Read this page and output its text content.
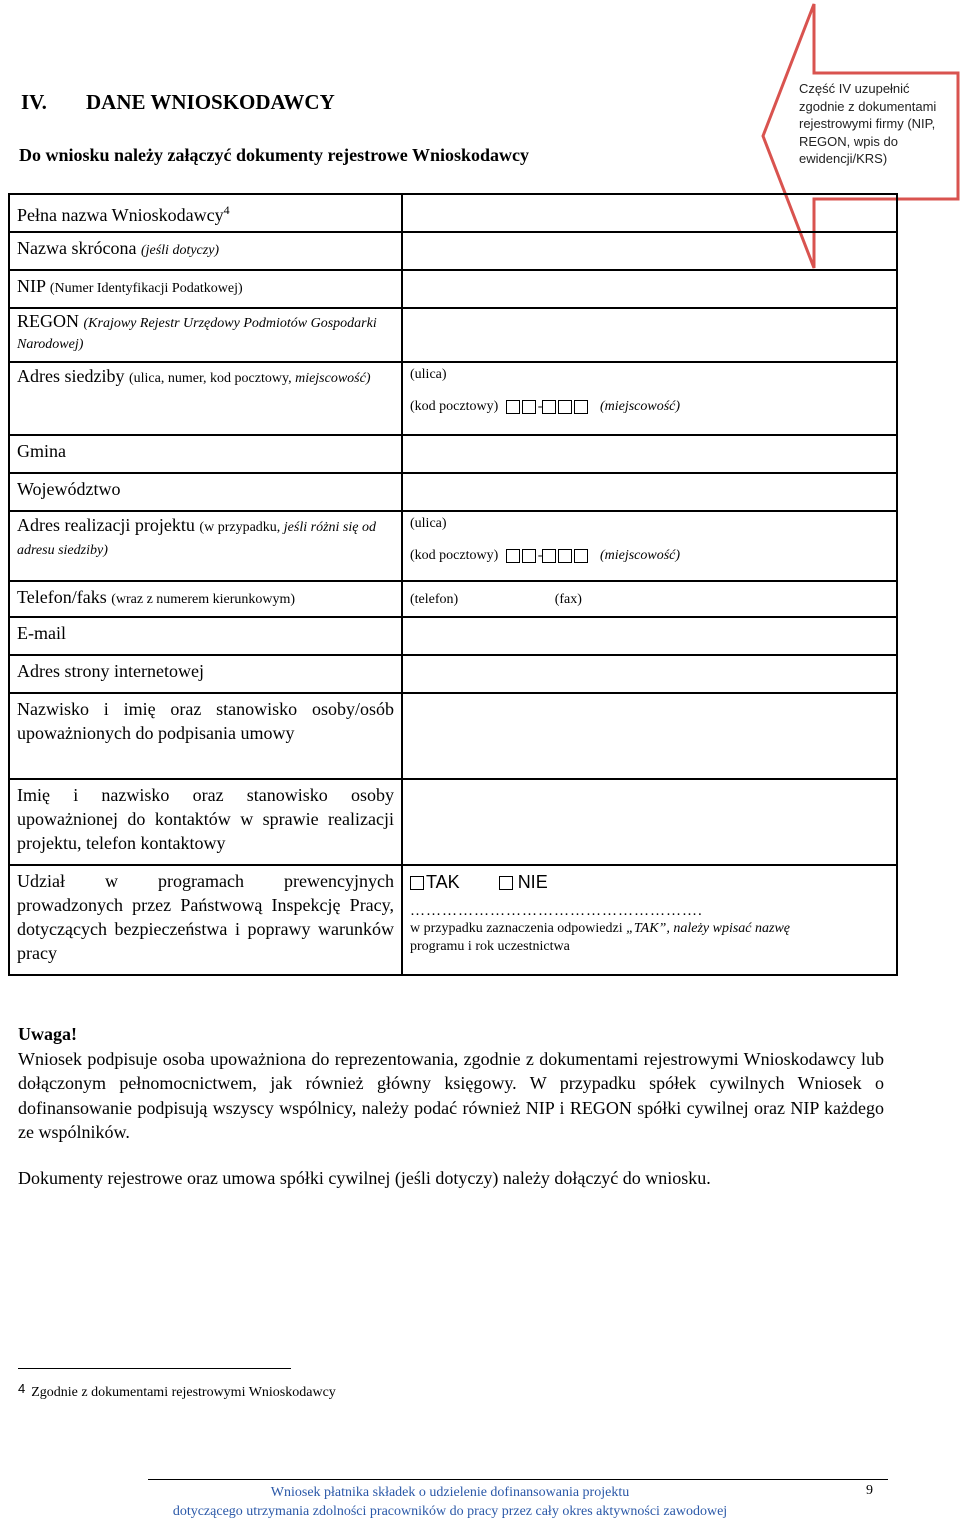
IV. DANE WNIOSKODAWCY
Do wniosku należy załączyć dokumenty rejestrowe Wnioskodawcy
Część IV uzupełnić zgodnie z dokumentami rejestrowymi firmy (NIP, REGON, wpis do ewidencji/KRS)
Pełna nazwa Wnioskodawcy$^4$	
Nazwa skrócona (jeśli dotyczy)	
NIP (Numer Identyfikacji Podatkowej)	
REGON (Krajowy Rejestr Urzędowy Podmiotów Gospodarki Narodowej)	
Adres siedziby (ulica, numer, kod pocztowy, miejscowość)	(ulica)
(kod pocztowy) - (miejscowość)

Gmina	
Województwo	
Adres realizacji projektu (w przypadku, jeśli różni się od adresu siedziby)	(ulica)
(kod pocztowy) - (miejscowość)

Telefon/faks (wraz z numerem kierunkowym)	(telefon) (fax)
E-mail	
Adres strony internetowej	
Nazwisko i imię oraz stanowisko osoby/osób upoważnionych do podpisania umowy	
Imię i nazwisko oraz stanowisko osoby upoważnionej do kontaktów w sprawie realizacji projektu, telefon kontaktowy	
Udział w programach prewencyjnych prowadzonych przez Państwową Inspekcję Pracy, dotyczących bezpieczeństwa i poprawy warunków pracy	TAK NIE
……………………………………………….
w przypadku zaznaczenia odpowiedzi „TAK”, należy wpisać nazwę
programu i rok uczestnictwa
Uwaga!
Wniosek podpisuje osoba upoważniona do reprezentowania, zgodnie z dokumentami rejestrowymi Wnioskodawcy lub dołączonym pełnomocnictwem, jak również główny księgowy. W przypadku spółek cywilnych Wniosek o dofinansowanie podpisują wszyscy wspólnicy, należy podać również NIP i REGON spółki cywilnej oraz NIP każdego ze wspólników.
Dokumenty rejestrowe oraz umowa spółki cywilnej (jeśli dotyczy) należy dołączyć do wniosku.
4 Zgodnie z dokumentami rejestrowymi Wnioskodawcy
Wniosek płatnika składek o udzielenie dofinansowania projektu
dotyczącego utrzymania zdolności pracowników do pracy przez cały okres aktywności zawodowej
9
